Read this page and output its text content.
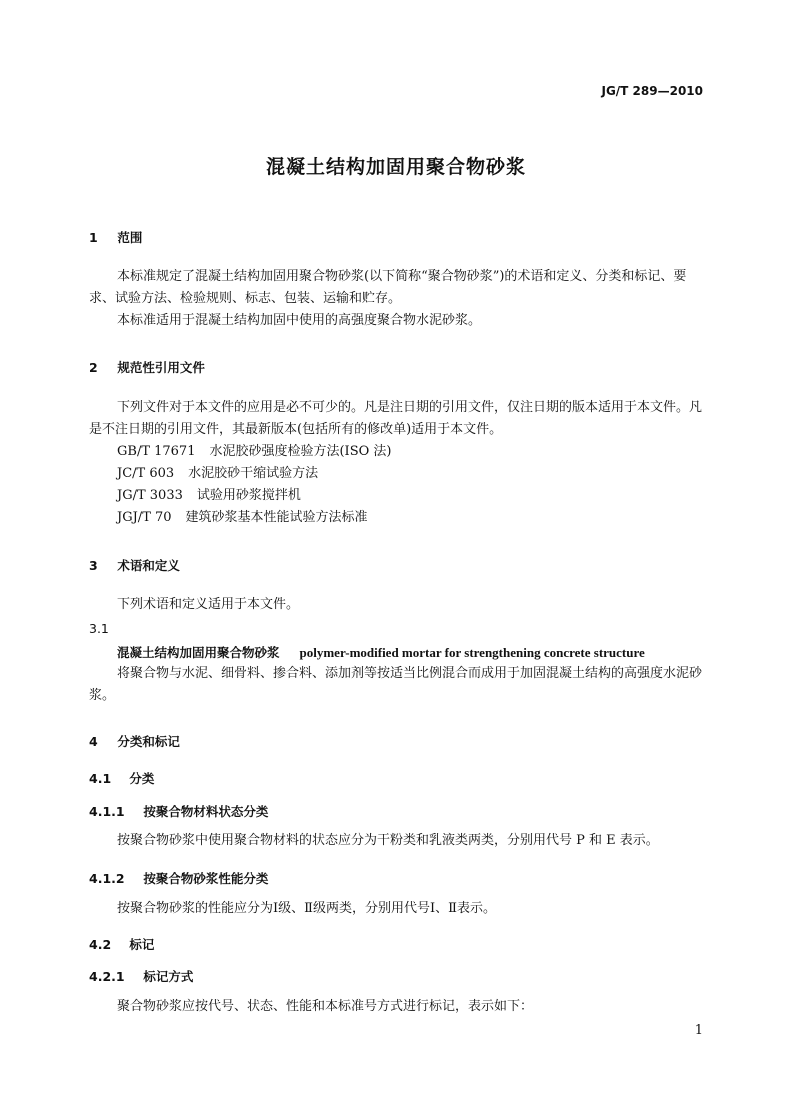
JG/T 289—2010
混凝土结构加固用聚合物砂浆
1 范围
本标准规定了混凝土结构加固用聚合物砂浆(以下简称“聚合物砂浆”)的术语和定义、分类和标记、要求、试验方法、检验规则、标志、包装、运输和贮存。
本标准适用于混凝土结构加固中使用的高强度聚合物水泥砂浆。
2 规范性引用文件
下列文件对于本文件的应用是必不可少的。凡是注日期的引用文件，仅注日期的版本适用于本文件。凡是不注日期的引用文件，其最新版本(包括所有的修改单)适用于本文件。
GB/T 17671 水泥胶砂强度检验方法(ISO 法)
JC/T 603 水泥胶砂干缩试验方法
JG/T 3033 试验用砂浆搅拌机
JGJ/T 70 建筑砂浆基本性能试验方法标准
3 术语和定义
下列术语和定义适用于本文件。
3.1
混凝土结构加固用聚合物砂浆 polymer-modified mortar for strengthening concrete structure
将聚合物与水泥、细骨料、掺合料、添加剂等按适当比例混合而成用于加固混凝土结构的高强度水泥砂浆。
4 分类和标记
4.1 分类
4.1.1 按聚合物材料状态分类
按聚合物砂浆中使用聚合物材料的状态应分为干粉类和乳液类两类，分别用代号 P 和 E 表示。
4.1.2 按聚合物砂浆性能分类
按聚合物砂浆的性能应分为Ⅰ级、Ⅱ级两类，分别用代号Ⅰ、Ⅱ表示。
4.2 标记
4.2.1 标记方式
聚合物砂浆应按代号、状态、性能和本标准号方式进行标记，表示如下：
1
